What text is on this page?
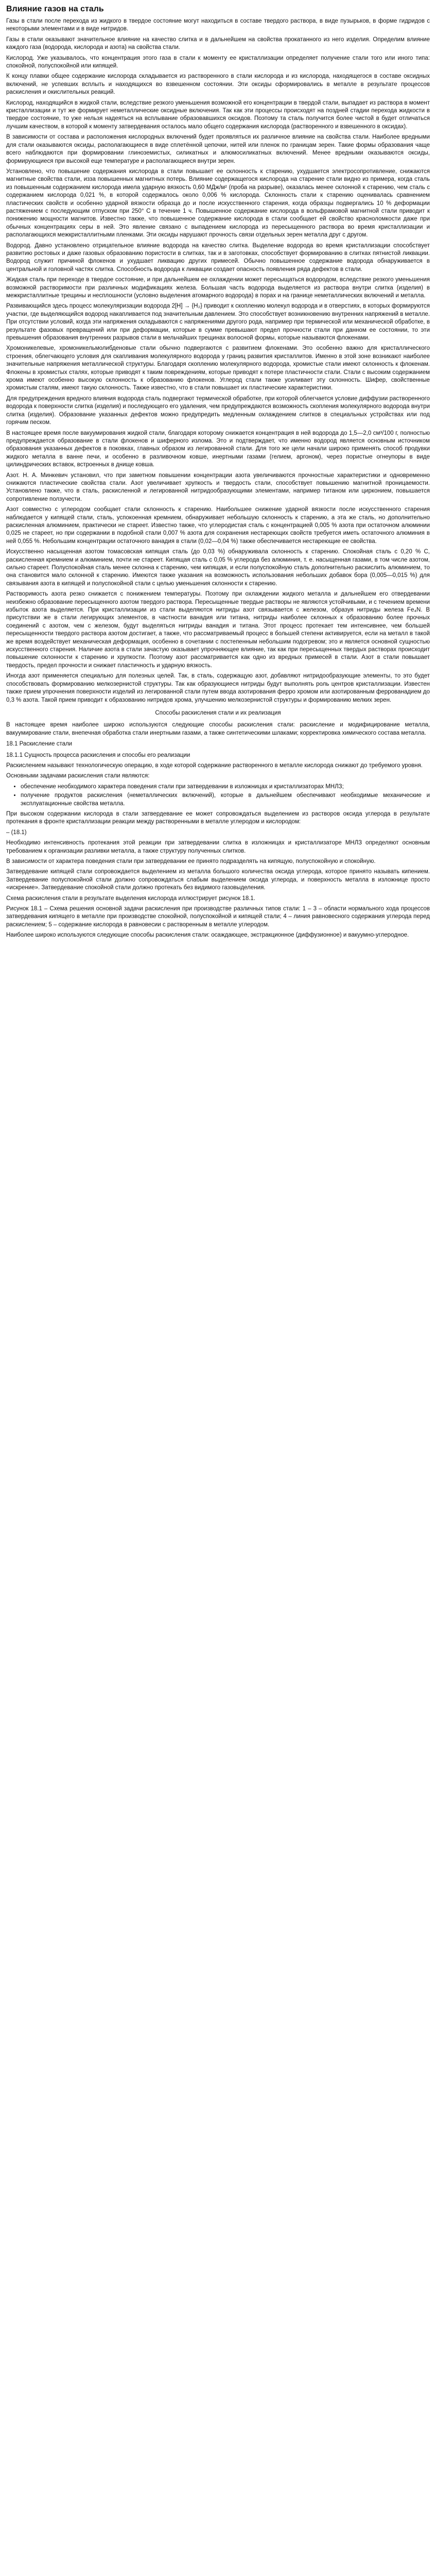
Влияние газов на сталь

Газы в стали после перехода из жидкого в твердое состояние могут находиться в составе твердого раствора, в виде пузырьков, в форме гидридов с некоторыми элементами и в виде нитридов.

Газы в стали оказывают значительное влияние на качество слитка и в дальнейшем на свойства прокатанного из него изделия. Определим влияние каждого газа (водорода, кислорода и азота) на свойства стали.

Кислород. Уже указывалось, что концентрация этого газа в стали к моменту ее кристаллизации определяет получение стали того или иного типа: спокойной, полуспокойной или кипящей.

К концу плавки общее содержание кислорода складывается из растворенного в стали кислорода и из кислорода, находящегося в составе оксидных включений, не успевших всплыть и находящихся во взвешенном состоянии. Эти оксиды сформировались в металле в результате процессов раскисления и окислительных реакций.

Кислород, находящийся в жидкой стали, вследствие резкого уменьшения возможной его концентрации в твердой стали, выпадает из раствора в момент кристаллизации и тут же формирует неметаллические оксидные включения. Так как эти процессы происходят на поздней стадии перехода жидкости в твердое состояние, то уже нельзя надеяться на всплывание образовавшихся оксидов. Поэтому та сталь получится более чистой в будет отличаться лучшим качеством, в которой к моменту затвердевания осталось мало общего содержания кислорода (растворенного и взвешенного в оксидах).

В зависимости от состава и расположения кислородных включений будет проявляться их различное влияние на свойства стали. Наиболее вредными для стали оказываются оксиды, располагающиеся в виде сплетённой цепочки, нитей или пленок по границам зерен. Такие формы образования чаще всего наблюдаются при формировании глиноземистых, силикатных и алюмосиликатных включений. Менее вредными оказываются оксиды, формирующиеся при высокой еще температуре и располагающиеся внутри зерен.

Установлено, что повышение содержания кислорода в стали повышает ее склонность к старению, ухудшается электросопротивление, снижаются магнитные свойства стали, изза повышенных магнитных потерь. Влияние содержащегося кислорода на старение стали видно из примера, когда сталь из повышенным содержанием кислорода имела ударную вязкость 0,60 МДж/м² (проба на разрыве), оказалась менее склонной к старению, чем сталь с содержанием кислорода 0,021 %, в которой содержалось около 0,006 % кислорода. Склонность стали к старению оценивалась сравнением пластических свойств и особенно ударной вязкости образца до и после искусственного старения, когда образцы подвергались 10 % деформации растяжением с последующим отпуском при 250° С в течение 1 ч. Повышенное содержание кислорода в вольфрамовой магнитной стали приводит к понижению мощности магнитов. Известно также, что повышенное содержание кислорода в стали сообщает ей свойство красноломкости даже при обычных концентрациях серы в ней. Это явление связано с выпадением кислорода из пересыщенного раствора во время кристаллизации и располагающихся межкристаллитными пленками. Эти оксиды нарушают прочность связи отдельных зерен металла друг с другом.

Водород. Давно установлено отрицательное влияние водорода на качество слитка. Выделение водорода во время кристаллизации способствует развитию ростовых и даже газовых образованию пористости в слитках, так и в заготовках, способствует формированию в слитках пятнистой ликвации. Водород служит причиной флокенов и ухудшает ликвацию других примесей. Обычно повышенное содержание водорода обнаруживается в центральной и головной частях слитка. Способность водорода к ликвации создает опасность появления ряда дефектов в стали.

Жидкая сталь при переходе в твердое состояние, и при дальнейшем ее охлаждении может пересыщаться водородом, вследствие резкого уменьшения возможной растворимости при различных модификациях железа. Большая часть водорода выделяется из раствора внутри слитка (изделия) в межкристаллитные трещины и несплошности (условно выделения атомарного водорода) в порах и на границе неметаллических включений и металла.

Развивающийся здесь процесс молекуляризации водорода 2[H] → {H₂} приводит к скоплению молекул водорода и в отверстиях, в которых формируются участки, где выделяющийся водород накапливается под значительным давлением. Это способствует возникновению внутренних напряжений в металле. При отсутствии условий, когда эти напряжения складываются с напряжениями другого рода, например при термической или механической обработке, в результате фазовых превращений или при деформации, которые в сумме превышают предел прочности стали при данном ее состоянии, то эти превышения образования внутренних разрывов стали в мельчайших трещинах волосной формы, которые называются флокенами.

Хромоникелевые, хромоникельмолибденовые стали обычно подвергаются с развитием флокенами. Это особенно важно для кристаллического строения, облегчающего условия для скапливания молекулярного водорода у границ развития кристаллитов. Именно в этой зоне возникают наиболее значительные напряжения металлической структуры. Благодаря скоплению молекулярного водорода, хромистые стали имеют склонность к флокенам. Флокены в хромистых сталях, которые приводят к таким повреждениям, которые приводят к потере пластичности стали. Стали с высоким содержанием хрома имеют особенно высокую склонность к образованию флокенов. Углерод стали также усиливает эту склонность. Шифер, свойственные хромистым сталям, имеют такую склонность. Также известно, что в стали повышает их пластические характеристики.

Для предупреждения вредного влияния водорода сталь подвергают термической обработке, при которой облегчается условие диффузии растворенного водорода к поверхности слитка (изделия) и последующего его удаления, чем предупреждаются возможность скопления молекулярного водорода внутри слитка (изделия). Образование указанных дефектов можно предупредить медленным охлаждением слитков в специальных устройствах или под горячим песком.

В настоящее время после вакуумирования жидкой стали, благодаря которому снижается концентрация в ней водорода до 1,5—2,0 см³/100 г, полностью предупреждается образование в стали флокенов и шиферного излома. Это и подтверждает, что именно водород является основным источником образования указанных дефектов в поковках, главных образом из легированной стали. Для того же цели начали широко применять способ продувки жидкого металла в ванне печи, и особенно в разливочном ковше, инертными газами (гелием, аргоном), через пористые огнеупоры в виде цилиндрических вставок, встроенных в днище ковша.

Азот. Н. А. Минкевич установил, что при заметном повышении концентрации азота увеличиваются прочностные характеристики и одновременно снижаются пластические свойства стали. Азот увеличивает хрупкость и твердость стали, способствует повышению магнитной проницаемости. Установлено также, что в сталь, раскисленной и легированной нитридообразующими элементами, например титаном или цирконием, повышается сопротивление ползучести.

Азот совместно с углеродом сообщает стали склонность к старению. Наибольшее снижение ударной вязкости после искусственного старения наблюдается у кипящей стали, сталь, успокоенная кремнием, обнаруживает небольшую склонность к старению, а эта же сталь, но дополнительно раскисленная алюминием, практически не стареет. Известно также, что углеродистая сталь с концентрацией 0,005 % азота при остаточном алюминии 0,025 не стареет, но при содержании в подобной стали 0,007 % азота для сохранения нестареющих свойств требуется иметь остаточного алюминия в ней 0,055 %. Небольшим концентрации остаточного ванадия в стали (0,02—0,04 %) также обеспечивается нестареющие ее свойства.

Искусственно насыщенная азотом томасовская кипящая сталь (до 0,03 %) обнаруживала склонность к старению. Спокойная сталь с 0,20 % С, раскисленная кремнием и алюминием, почти не стареет. Кипящая сталь с 0,05 % углерода без алюминия, т. е. насыщенная газами, в том числе азотом, сильно стареет. Полуспокойная сталь менее склонна к старению, чем кипящая, и если полуспокойную сталь дополнительно раскислить алюминием, то она становится мало склонной к старению. Имеются также указания на возможность использования небольших добавок бора (0,005—0,015 %) для связывания азота в кипящей и полуспокойной стали с целью уменьшения склонности к старению.

Растворимость азота резко снижается с понижением температуры. Поэтому при охлаждении жидкого металла и дальнейшем его отвердевании неизбежно образование пересыщенного азотом твердого раствора. Пересыщенные твердые растворы не являются устойчивыми, и с течением времени избыток азота выделяется. При кристаллизации из стали выделяются нитриды азот связывается с железом, образуя нитриды железа Fe₄N. В присутствии же в стали легирующих элементов, в частности ванадия или титана, нитриды наиболее склонных к образованию более прочных соединений с азотом, чем с железом, будут выделяться нитриды ванадия и титана. Этот процесс протекает тем интенсивнее, чем большей пересыщенности твердого раствора азотом достигает, а также, что рассматриваемый процесс в большей степени активируется, если на металл в такой же время воздействует механическая деформация, особенно в сочетании с постепенным небольшим подогревом; это и является основной сущностью искусственного старения. Наличие азота в стали зачастую оказывает упрочняющее влияние, так как при пересыщенных твердых растворах происходит повышение склонности к старению и хрупкости. Поэтому азот рассматривается как одно из вредных примесей в стали. Азот в стали повышает твердость, предел прочности и снижает пластичность и ударную вязкость.

Иногда азот применяется специально для полезных целей. Так, в сталь, содержащую азот, добавляют нитридообразующие элементы, то это будет способствовать формированию мелкозернистой структуры. Так как образующиеся нитриды будут выполнять роль центров кристаллизации. Известен также прием упрочнения поверхности изделий из легированной стали путем ввода азотирования ферро хромом или азотированным феррованадием до 0,3 % азота. Такой прием приводит к образованию нитридов хрома, улучшению мелкозернистой структуры и формированию мелких зерен.

Способы раскисления стали и их реализация

В настоящее время наиболее широко используются следующие способы раскисления стали: раскисление и модифицирование металла, вакуумирование стали, внепечная обработка стали инертными газами, а также синтетическими шлаками; корректировка химического состава металла.

18.1 Раскисление стали
18.1.1 Сущность процесса раскисления и способы его реализации

Раскислением называют технологическую операцию, в ходе которой содержание растворенного в металле кислорода снижают до требуемого уровня.

Основными задачами раскисления стали являются:

• обеспечение необходимого характера поведения стали при затвердевании в изложницах и кристаллизаторах МНЛЗ;
• получение продуктов раскисления (неметаллических включений), которые в дальнейшем обеспечивают необходимые механические и эксплуатационные свойства металла.

При высоком содержании кислорода в стали затвердевание ее может сопровождаться выделением из растворов оксида углерода в результате протекания в фронте кристаллизации реакции между растворенными в металле углеродом и кислородом:

– (18.1)

Необходимо интенсивность протекания этой реакции при затвердевании слитка в изложницах и кристаллизаторе МНЛЗ определяют основным требованием к организации разливки металла, а также структуру полученных слитков.

В зависимости от характера поведения стали при затвердевании ее принято подразделять на кипящую, полуспокойную и спокойную.

Затвердевание кипящей стали сопровождается выделением из металла большого количества оксида углерода, которое принято называть кипением. Затвердевание полуспокойной стали должно сопровождаться слабым выделением оксида углерода, и поверхность металла в изложнице просто «искрение». Затвердевание спокойной стали должно протекать без видимого газовыделения.

Схема раскисления стали в результате выделения кислорода иллюстрирует рисунок 18.1.

Рисунок 18.1 – Схема решения основной задачи раскисления при производстве различных типов стали: 1 – 3 – области нормального хода процессов затвердевания кипящего в металле при производстве спокойной, полуспокойной и кипящей стали; 4 – линия равновесного содержания углерода перед раскислением; 5 – содержание кислорода в равновесии с растворенным в металле углеродом.

Наиболее широко используются следующие способы раскисления стали: осаждающее, экстракционное (диффузионное) и вакуумно-углеродное.
